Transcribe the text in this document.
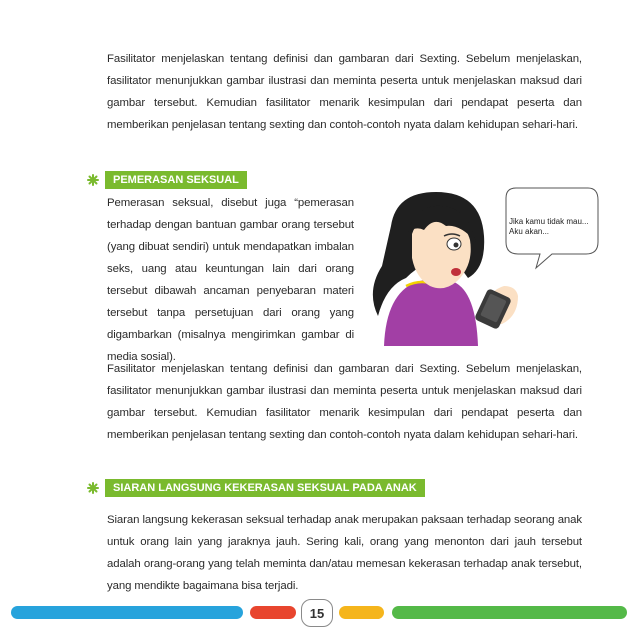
Fasilitator menjelaskan tentang definisi dan gambaran dari Sexting. Sebelum menjelaskan, fasilitator menunjukkan gambar ilustrasi dan meminta peserta untuk menjelaskan maksud dari gambar tersebut. Kemudian fasilitator menarik kesimpulan dari pendapat peserta dan memberikan penjelasan tentang sexting dan contoh-contoh nyata dalam kehidupan sehari-hari.

PEMERASAN SEKSUAL

Pemerasan seksual, disebut juga “pemerasan terhadap dengan bantuan gambar orang tersebut (yang dibuat sendiri) untuk mendapatkan imbalan seks, uang atau keuntungan lain dari orang tersebut dibawah ancaman penyebaran materi tersebut tanpa persetujuan dari orang yang digambarkan (misalnya mengirimkan gambar di media sosial).

Jika kamu tidak mau... Aku akan...

Fasilitator menjelaskan tentang definisi dan gambaran dari Sexting. Sebelum menjelaskan, fasilitator menunjukkan gambar ilustrasi dan meminta peserta untuk menjelaskan maksud dari gambar tersebut. Kemudian fasilitator menarik kesimpulan dari pendapat peserta dan memberikan penjelasan tentang sexting dan contoh-contoh nyata dalam kehidupan sehari-hari.

SIARAN LANGSUNG KEKERASAN SEKSUAL PADA ANAK

Siaran langsung kekerasan seksual terhadap anak merupakan paksaan terhadap seorang anak untuk orang lain yang jaraknya jauh. Sering kali, orang yang menonton dari jauh tersebut adalah orang-orang yang telah meminta dan/atau memesan kekerasan terhadap anak tersebut, yang mendikte bagaimana bisa terjadi.

15
